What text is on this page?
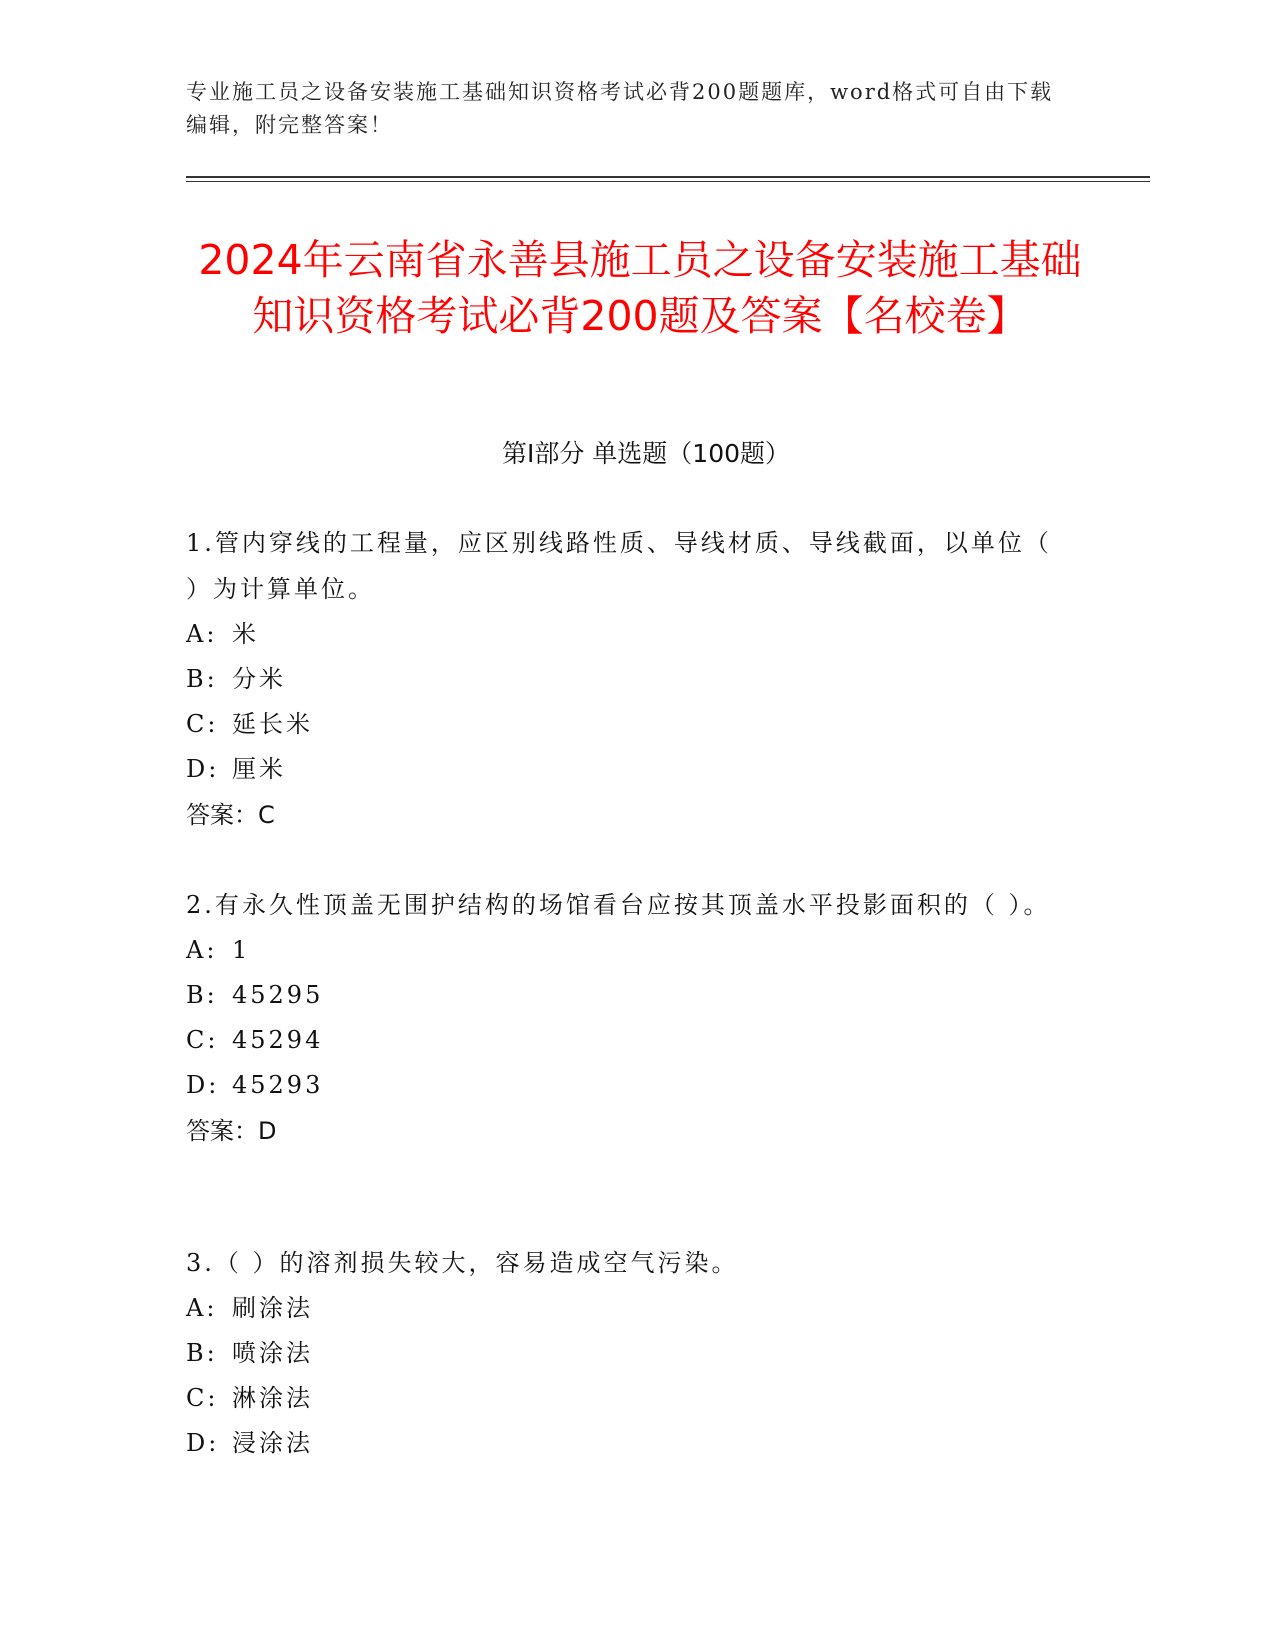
专业施工员之设备安装施工基础知识资格考试必背200题题库，word格式可自由下载编辑，附完整答案！
2024年云南省永善县施工员之设备安装施工基础知识资格考试必背200题及答案【名校卷】
第Ⅰ部分 单选题（100题）

1.管内穿线的工程量，应区别线路性质、导线材质、导线截面，以单位（ ）为计算单位。

A: 米

B: 分米

C: 延长米

D: 厘米

答案：C

2.有永久性顶盖无围护结构的场馆看台应按其顶盖水平投影面积的（ ）。

A: 1

B: 45295

C: 45294

D: 45293

答案：D

3.（ ）的溶剂损失较大，容易造成空气污染。

A: 刷涂法

B: 喷涂法

C: 淋涂法

D: 浸涂法
